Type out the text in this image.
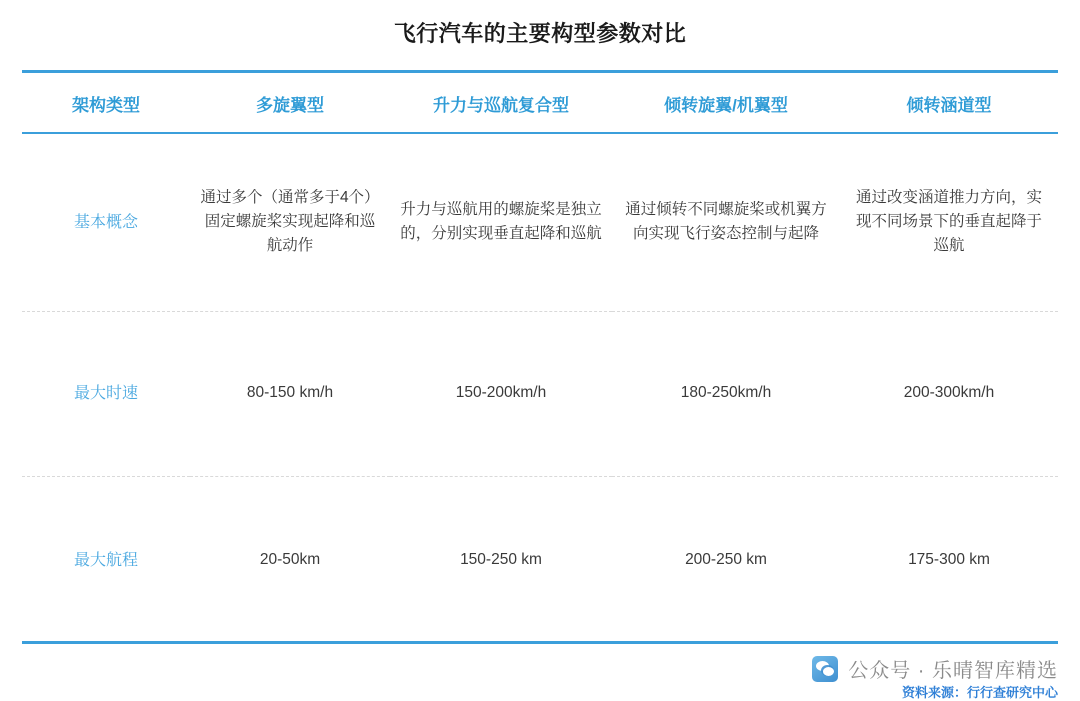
飞行汽车的主要构型参数对比
架构类型	多旋翼型	升力与巡航复合型	倾转旋翼/机翼型	倾转涵道型
基本概念	通过多个（通常多于4个）固定螺旋桨实现起降和巡航动作	升力与巡航用的螺旋桨是独立的，分别实现垂直起降和巡航	通过倾转不同螺旋桨或机翼方向实现飞行姿态控制与起降	通过改变涵道推力方向，实现不同场景下的垂直起降于巡航
最大时速	80-150 km/h	150-200km/h	180-250km/h	200-300km/h
最大航程	20-50km	150-250 km	200-250 km	175-300 km
公众号 · 乐晴智库精选
资料来源：行行查研究中心
